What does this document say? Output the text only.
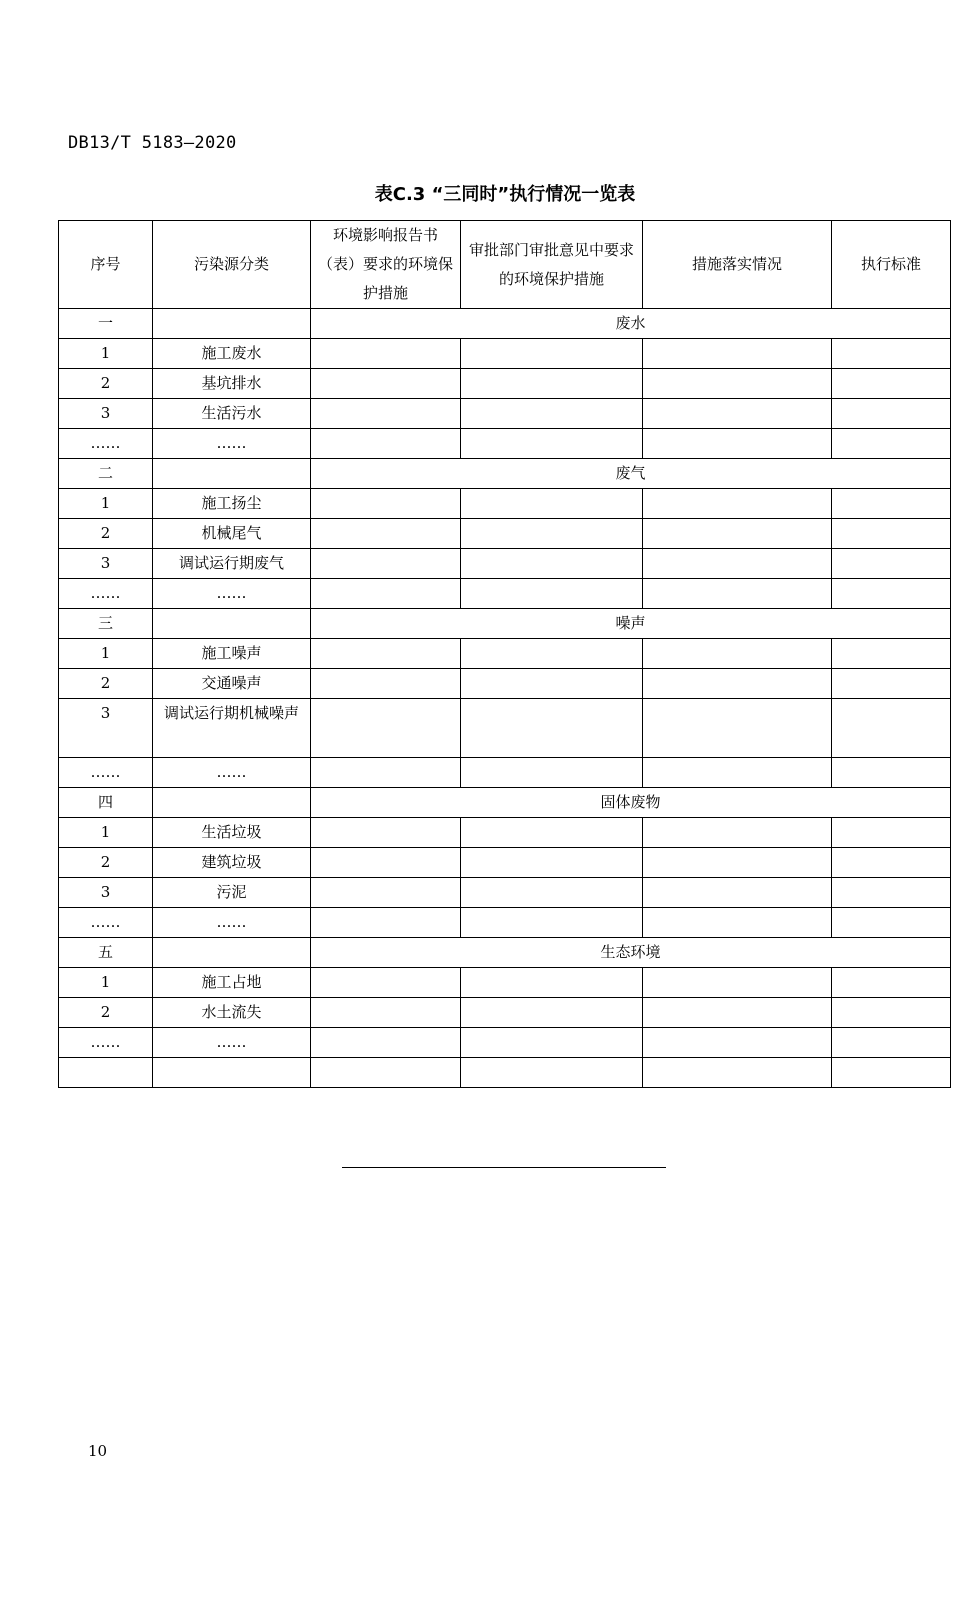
DB13/T 5183—2020
表C.3 “三同时”执行情况一览表
序号	污染源分类	环境影响报告书（表）要求的环境保护措施	审批部门审批意见中要求的环境保护措施	措施落实情况	执行标准
一		废水			
1	施工废水				
2	基坑排水				
3	生活污水				
……	……				
二		废气			
1	施工扬尘				
2	机械尾气				
3	调试运行期废气				
……	……				
三		噪声			
1	施工噪声				
2	交通噪声				
3	调试运行期机械噪声				
……	……				
四		固体废物			
1	生活垃圾				
2	建筑垃圾				
3	污泥				
……	……				
五		生态环境			
1	施工占地				
2	水土流失				
……	……				

10
